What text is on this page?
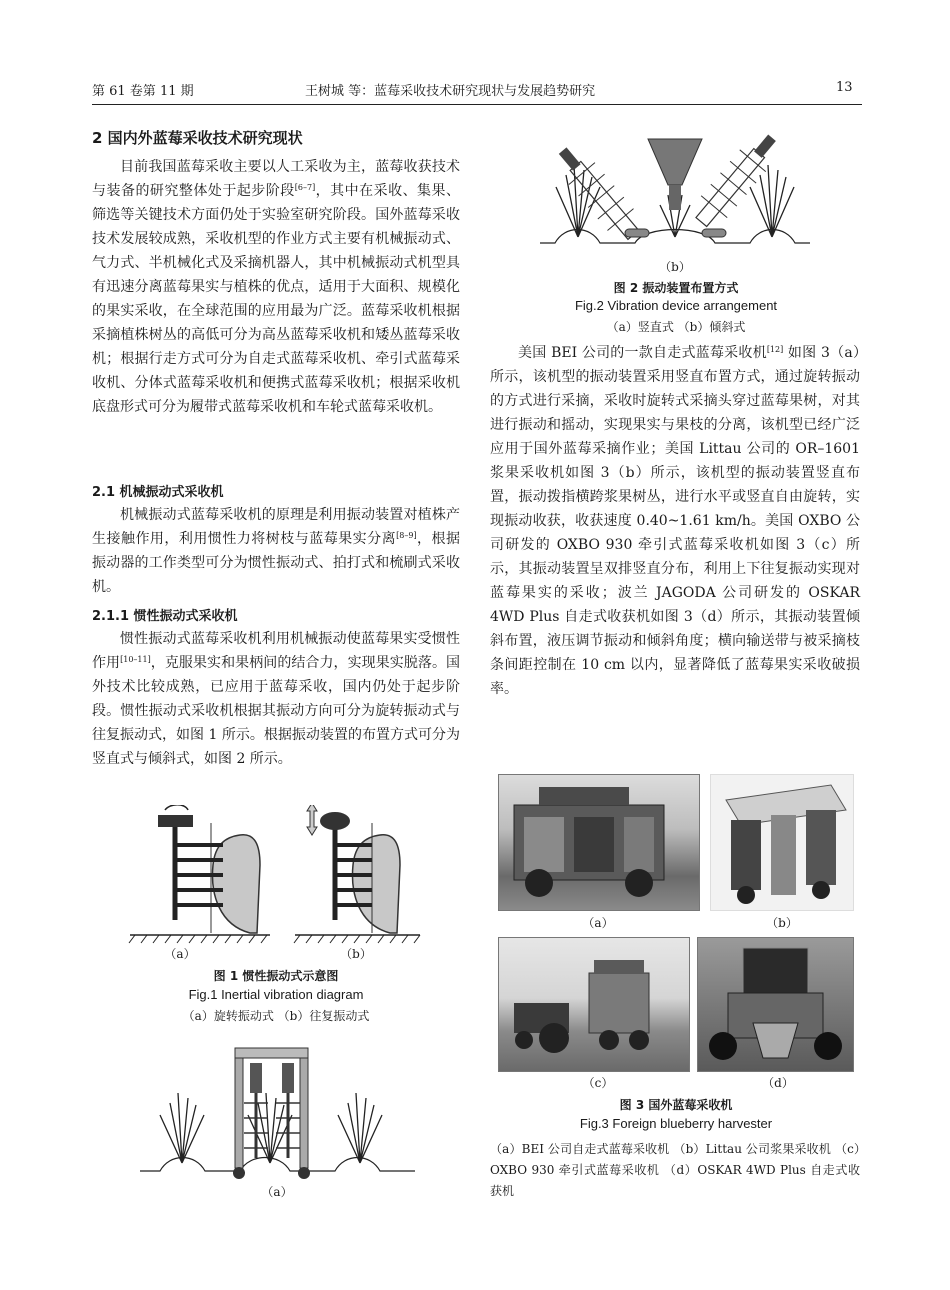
第 61 卷第 11 期	王树城 等：蓝莓采收技术研究现状与发展趋势研究	13
2 国内外蓝莓采收技术研究现状

目前我国蓝莓采收主要以人工采收为主，蓝莓收获技术与装备的研究整体处于起步阶段[6–7]，其中在采收、集果、筛选等关键技术方面仍处于实验室研究阶段。国外蓝莓采收技术发展较成熟，采收机型的作业方式主要有机械振动式、气力式、半机械化式及采摘机器人，其中机械振动式机型具有迅速分离蓝莓果实与植株的优点，适用于大面积、规模化的果实采收，在全球范围的应用最为广泛。蓝莓采收机根据采摘植株树丛的高低可分为高丛蓝莓采收机和矮丛蓝莓采收机；根据行走方式可分为自走式蓝莓采收机、牵引式蓝莓采收机、分体式蓝莓采收机和便携式蓝莓采收机；根据采收机底盘形式可分为履带式蓝莓采收机和车轮式蓝莓采收机。

2.1 机械振动式采收机

机械振动式蓝莓采收机的原理是利用振动装置对植株产生接触作用，利用惯性力将树枝与蓝莓果实分离[8–9]，根据振动器的工作类型可分为惯性振动式、拍打式和梳刷式采收机。

2.1.1 惯性振动式采收机

惯性振动式蓝莓采收机利用机械振动使蓝莓果实受惯性作用[10–11]，克服果实和果柄间的结合力，实现果实脱落。国外技术比较成熟，已应用于蓝莓采收，国内仍处于起步阶段。惯性振动式采收机根据其振动方向可分为旋转振动式与往复振动式，如图 1 所示。根据振动装置的布置方式可分为竖直式与倾斜式，如图 2 所示。

（a）	（b）
图 1 惯性振动式示意图
Fig.1 Inertial vibration diagram
（a）旋转振动式 （b）往复振动式
（a）
（b）
图 2 振动装置布置方式
Fig.2 Vibration device arrangement
（a）竖直式 （b）倾斜式

美国 BEI 公司的一款自走式蓝莓采收机[12] 如图 3（a）所示，该机型的振动装置采用竖直布置方式，通过旋转振动的方式进行采摘，采收时旋转式采摘头穿过蓝莓果树，对其进行振动和摇动，实现果实与果枝的分离，该机型已经广泛应用于国外蓝莓采摘作业；美国 Littau 公司的 OR–1601 浆果采收机如图 3（b）所示，该机型的振动装置竖直布置，振动拨指横跨浆果树丛，进行水平或竖直自由旋转，实现振动收获，收获速度 0.40~1.61 km/h。美国 OXBO 公司研发的 OXBO 930 牵引式蓝莓采收机如图 3（c）所示，其振动装置呈双排竖直分布，利用上下往复振动实现对蓝莓果实的采收；波兰 JAGODA 公司研发的 OSKAR 4WD Plus 自走式收获机如图 3（d）所示，其振动装置倾斜布置，液压调节振动和倾斜角度；横向输送带与被采摘枝条间距控制在 10 cm 以内，显著降低了蓝莓果实采收破损率。

（a）	（b）
（c）	（d）
图 3 国外蓝莓采收机
Fig.3 Foreign blueberry harvester
（a）BEI 公司自走式蓝莓采收机 （b）Littau 公司浆果采收机 （c）OXBO 930 牵引式蓝莓采收机 （d）OSKAR 4WD Plus 自走式收获机
